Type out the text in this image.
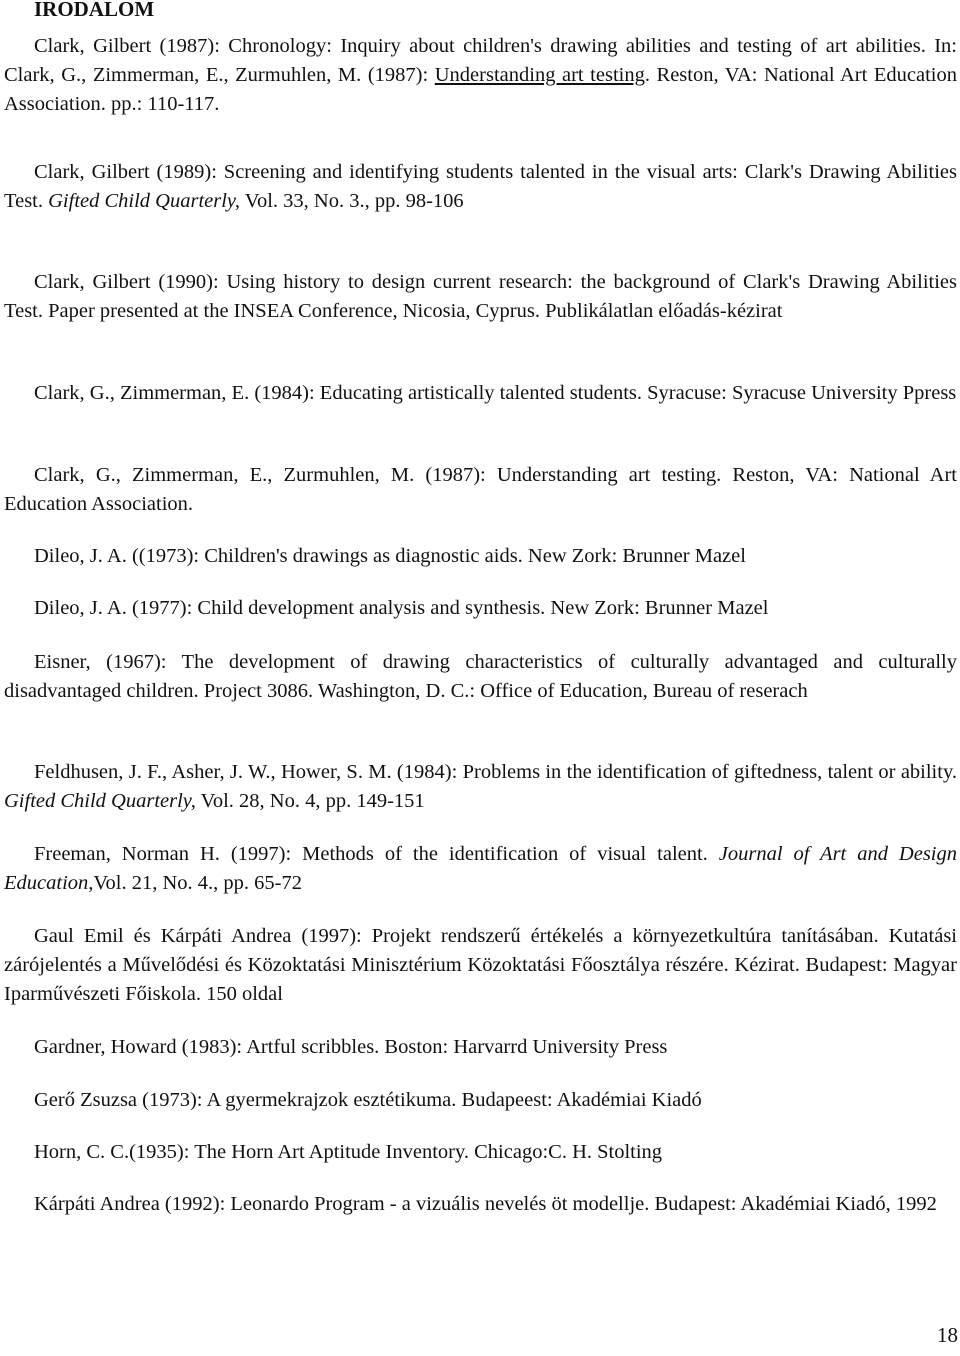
IRODALOM

Clark, Gilbert (1987): Chronology: Inquiry about children's drawing abilities and testing of art abilities. In: Clark, G., Zimmerman, E., Zurmuhlen, M. (1987): Understanding art testing. Reston, VA: National Art Education Association. pp.: 110-117.

Clark, Gilbert (1989): Screening and identifying students talented in the visual arts: Clark's Drawing Abilities Test. Gifted Child Quarterly, Vol. 33, No. 3., pp. 98-106

Clark, Gilbert (1990): Using history to design current research: the background of Clark's Drawing Abilities Test. Paper presented at the INSEA Conference, Nicosia, Cyprus. Publikálatlan előadás-kézirat

Clark, G., Zimmerman, E. (1984): Educating artistically talented students. Syracuse: Syracuse University Ppress

Clark, G., Zimmerman, E., Zurmuhlen, M. (1987): Understanding art testing. Reston, VA: National Art Education Association.

Dileo, J. A. ((1973): Children's drawings as diagnostic aids. New Zork: Brunner Mazel

Dileo, J. A. (1977): Child development analysis and synthesis. New Zork: Brunner Mazel

Eisner, (1967): The development of drawing characteristics of culturally advantaged and culturally disadvantaged children. Project 3086. Washington, D. C.: Office of Education, Bureau of reserach

Feldhusen, J. F., Asher, J. W., Hower, S. M. (1984): Problems in the identification of giftedness, talent or ability. Gifted Child Quarterly, Vol. 28, No. 4, pp. 149-151

Freeman, Norman H. (1997): Methods of the identification of visual talent. Journal of Art and Design Education,Vol. 21, No. 4., pp. 65-72

Gaul Emil és Kárpáti Andrea (1997): Projekt rendszerű értékelés a környezetkultúra tanításában. Kutatási zárójelentés a Művelődési és Közoktatási Minisztérium Közoktatási Főosztálya részére. Kézirat. Budapest: Magyar Iparművészeti Főiskola. 150 oldal

Gardner, Howard (1983): Artful scribbles. Boston: Harvarrd University Press

Gerő Zsuzsa (1973): A gyermekrajzok esztétikuma. Budapeest: Akadémiai Kiadó

Horn, C. C.(1935): The Horn Art Aptitude Inventory. Chicago:C. H. Stolting

Kárpáti Andrea (1992): Leonardo Program - a vizuális nevelés öt modellje. Budapest: Akadémiai Kiadó, 1992

18
